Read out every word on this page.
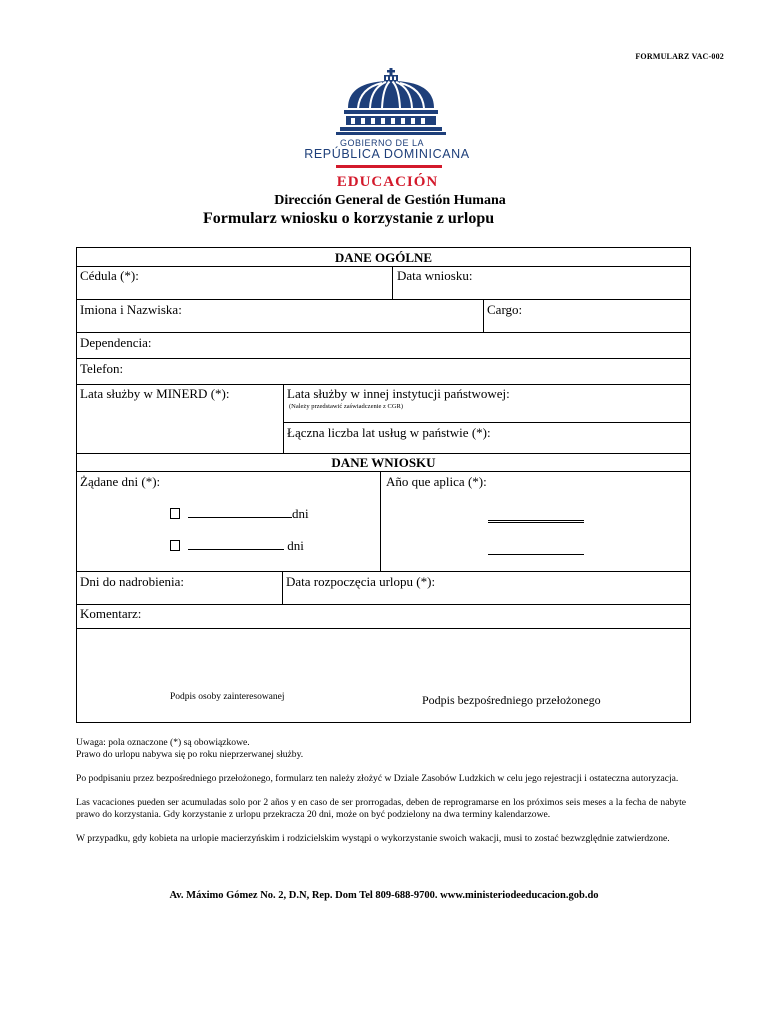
FORMULARZ VAC-002
GOBIERNO DE LA
REPÚBLICA DOMINICANA
EDUCACIÓN
Dirección General de Gestión Humana
Formularz wniosku o korzystanie z urlopu
DANE OGÓLNE
Cédula (*):	Data wniosku:
Imiona i Nazwiska:	Cargo:
Dependencia:
Telefon:
Lata służby w MINERD (*):	Lata służby w innej instytucji państwowej:
(Należy przedstawić zaświadczenie z CGR)
Łączna liczba lat usług w państwie (*):
DANE WNIOSKU
Żądane dni (*):
dni
dni
Año que aplica (*):
Dni do nadrobienia:	Data rozpoczęcia urlopu (*):
Komentarz:
Podpis osoby zainteresowanej	Podpis bezpośredniego przełożonego

Uwaga: pola oznaczone (*) są obowiązkowe.
Prawo do urlopu nabywa się po roku nieprzerwanej służby.

Po podpisaniu przez bezpośredniego przełożonego, formularz ten należy złożyć w Dziale Zasobów Ludzkich w celu jego rejestracji i ostateczna autoryzacja.

Las vacaciones pueden ser acumuladas solo por 2 años y en caso de ser prorrogadas, deben de reprogramarse en los próximos seis meses a la fecha de nabyte prawo do korzystania. Gdy korzystanie z urlopu przekracza 20 dni, może on być podzielony na dwa terminy kalendarzowe.

W przypadku, gdy kobieta na urlopie macierzyńskim i rodzicielskim wystąpi o wykorzystanie swoich wakacji, musi to zostać bezwzględnie zatwierdzone.

Av. Máximo Gómez No. 2, D.N, Rep. Dom Tel 809-688-9700. www.ministeriodeeducacion.gob.do
